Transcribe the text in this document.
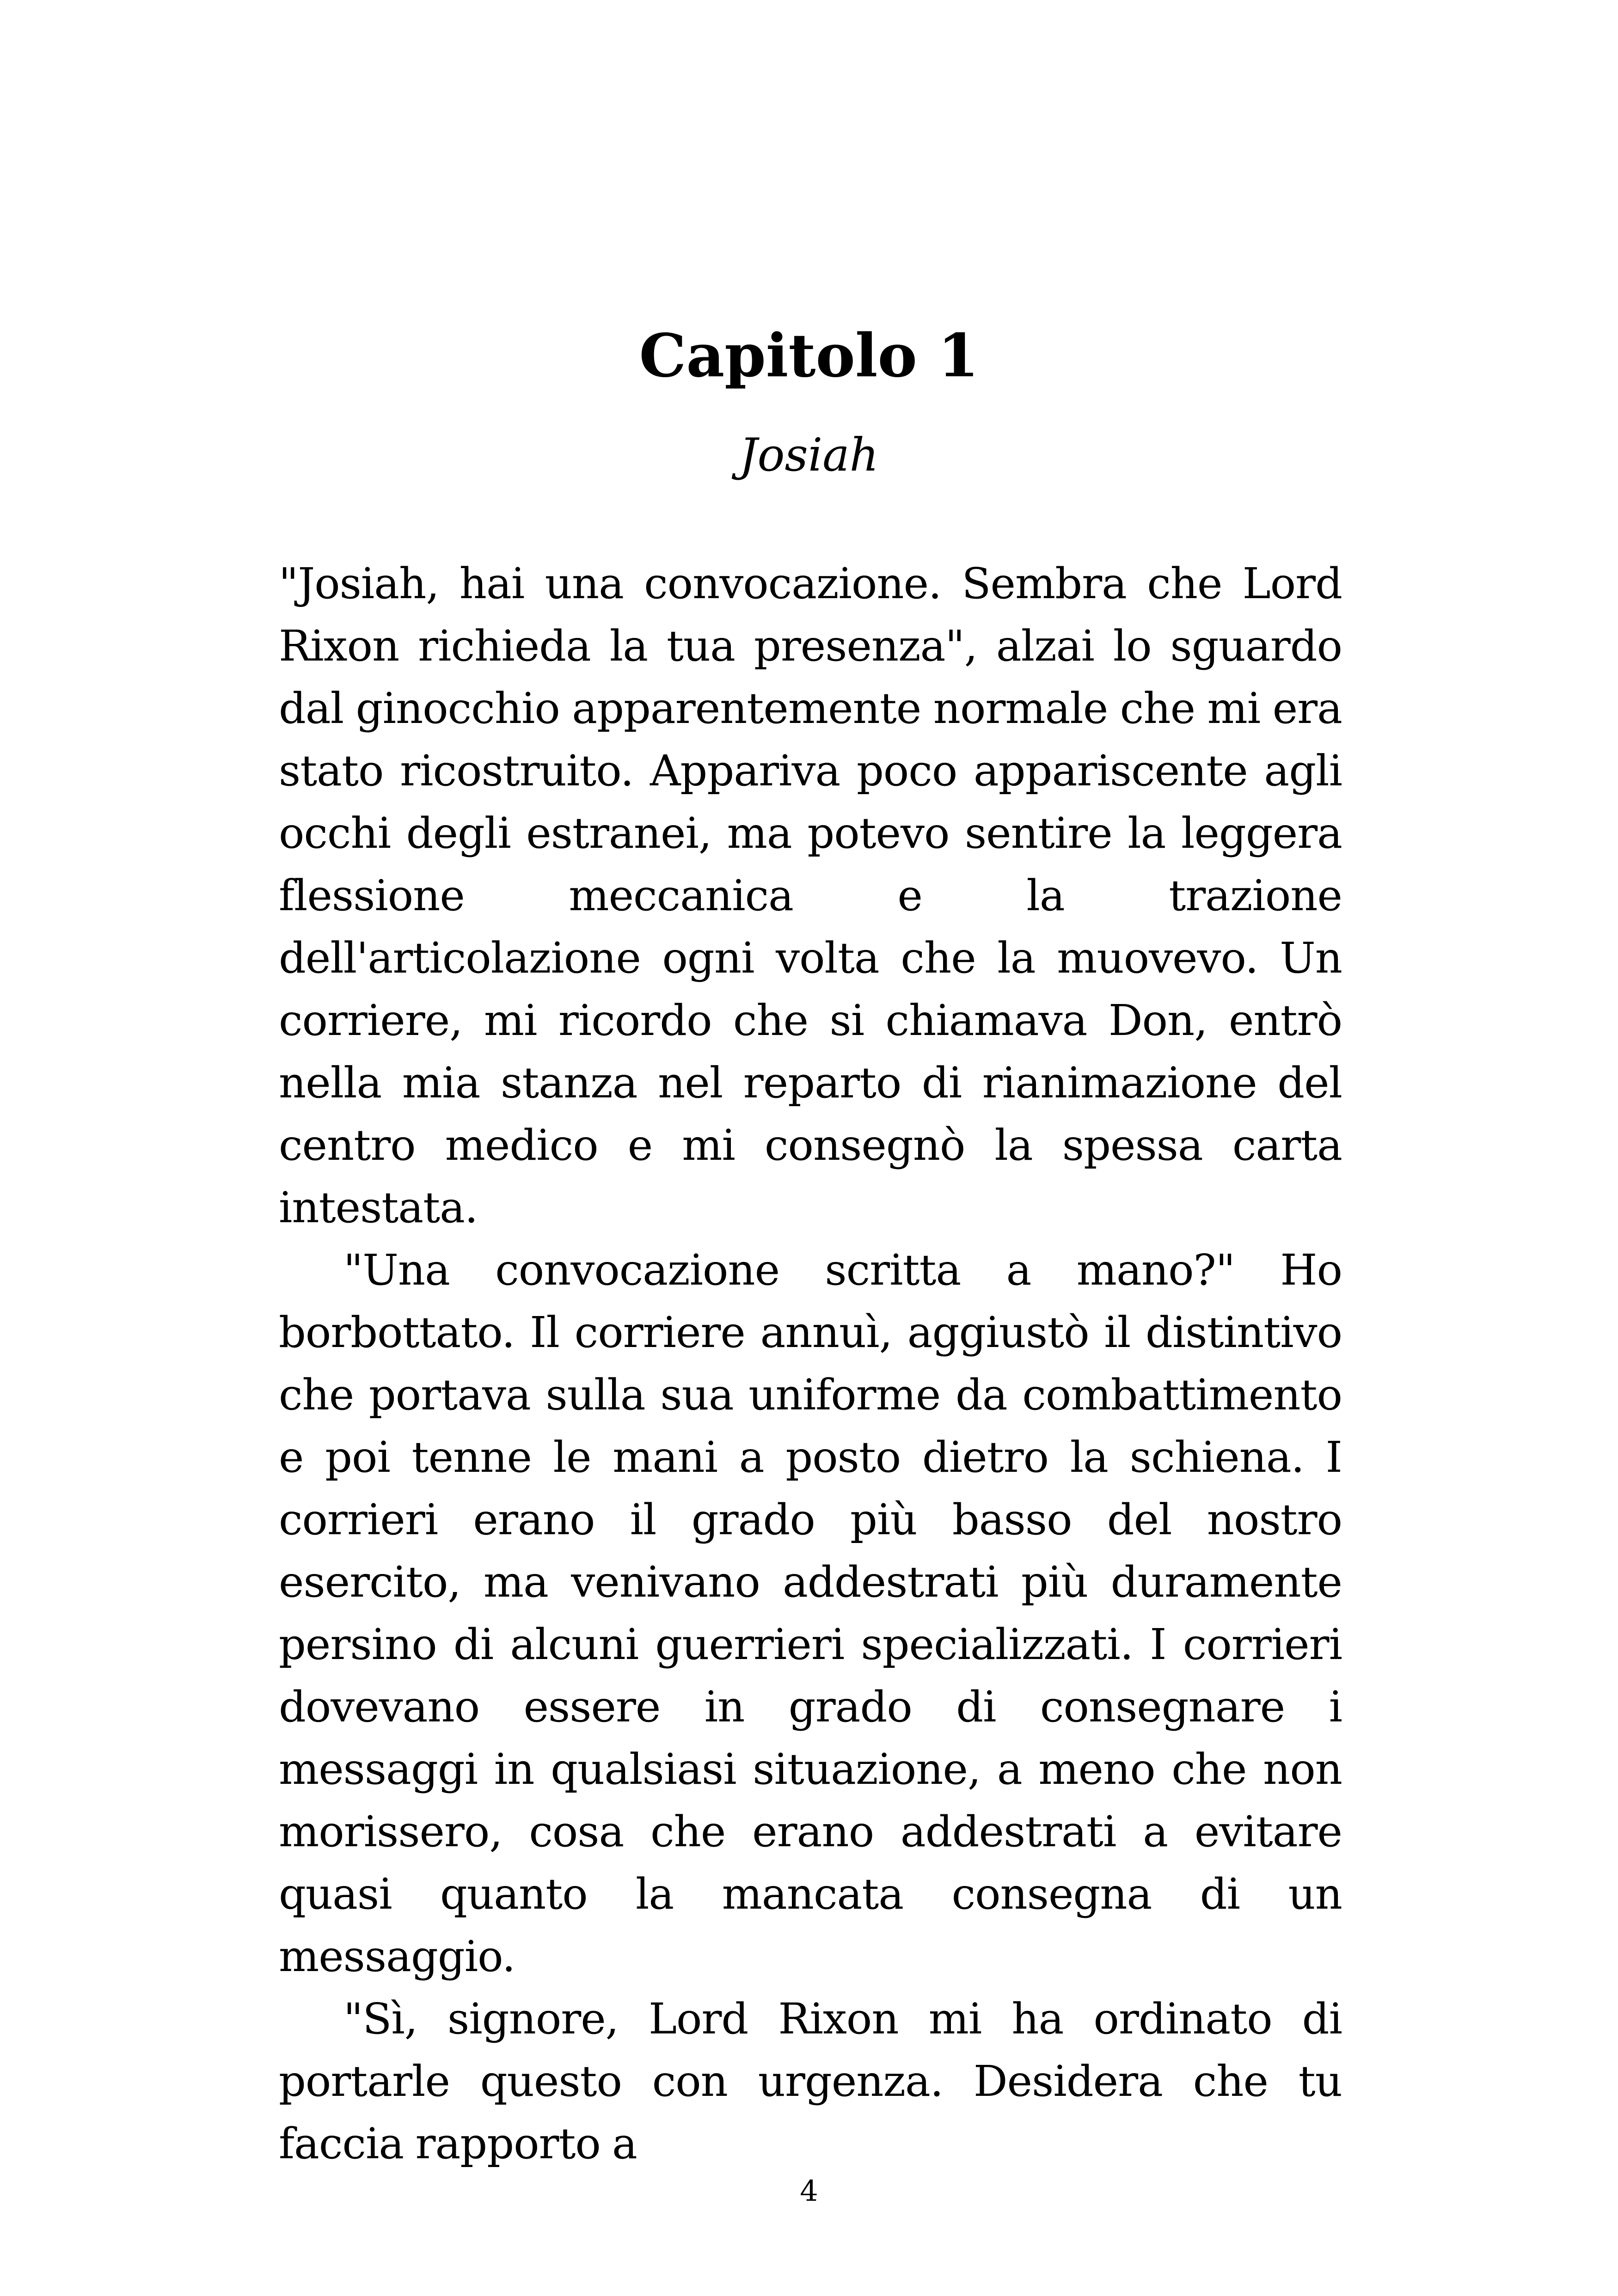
Capitolo 1
Josiah

"Josiah, hai una convocazione. Sembra che Lord Rixon richieda la tua presenza", alzai lo sguardo dal ginocchio apparentemente normale che mi era stato ricostruito. Appariva poco appariscente agli occhi degli estranei, ma potevo sentire la leggera flessione meccanica e la trazione dell'articolazione ogni volta che la muovevo. Un corriere, mi ricordo che si chiamava Don, entrò nella mia stanza nel reparto di rianimazione del centro medico e mi consegnò la spessa carta intestata.

"Una convocazione scritta a mano?" Ho borbottato. Il corriere annuì, aggiustò il distintivo che portava sulla sua uniforme da combattimento e poi tenne le mani a posto dietro la schiena. I corrieri erano il grado più basso del nostro esercito, ma venivano addestrati più duramente persino di alcuni guerrieri specializzati. I corrieri dovevano essere in grado di consegnare i messaggi in qualsiasi situazione, a meno che non morissero, cosa che erano addestrati a evitare quasi quanto la mancata consegna di un messaggio.

"Sì, signore, Lord Rixon mi ha ordinato di portarle questo con urgenza. Desidera che tu faccia rapporto a

4
